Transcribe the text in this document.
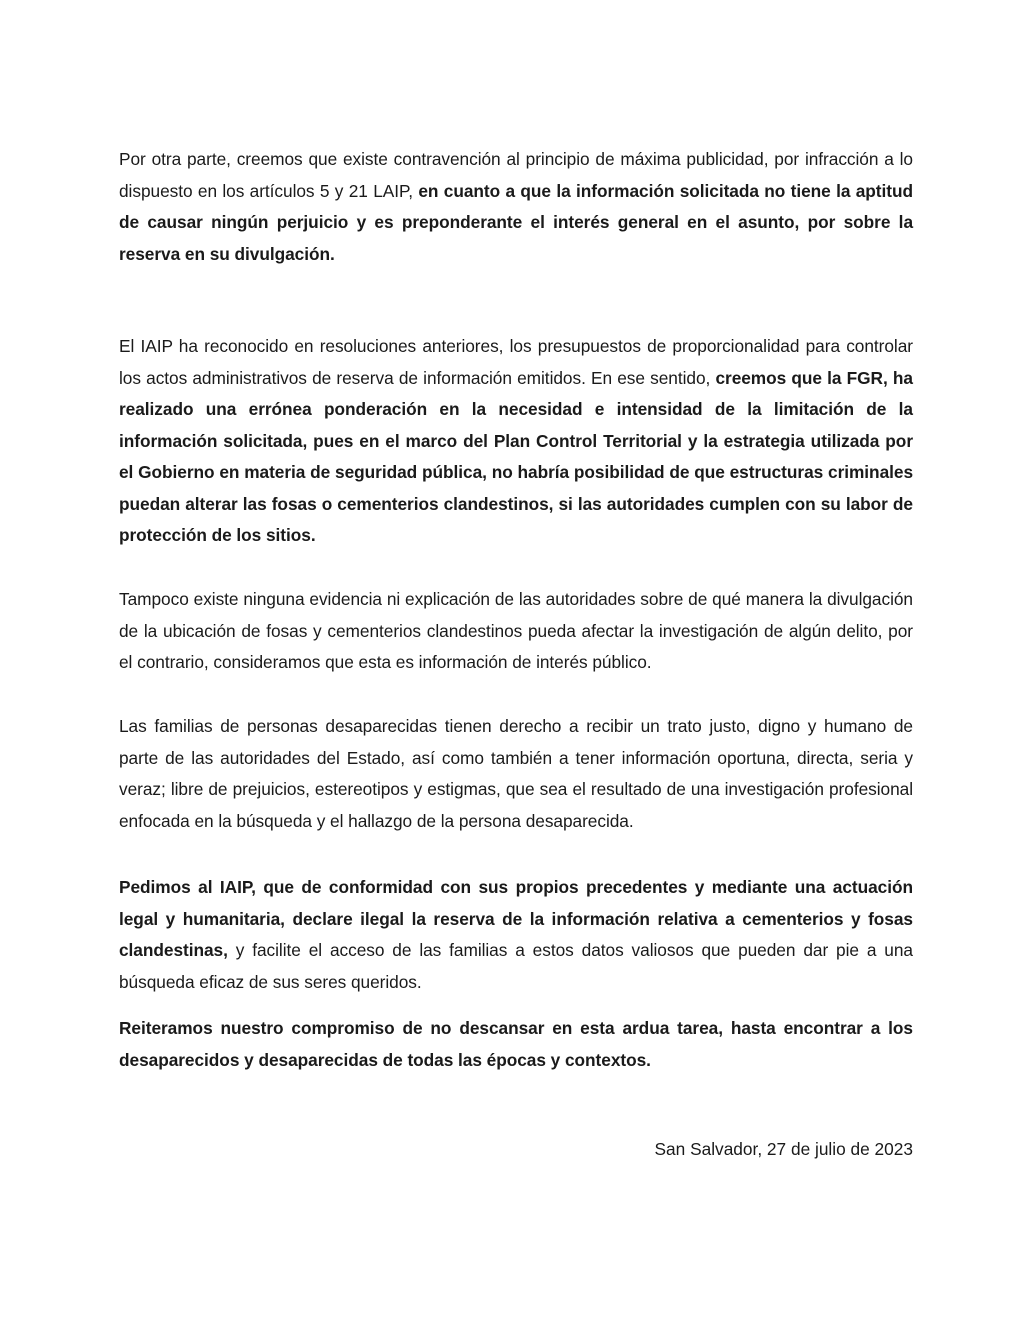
Por otra parte, creemos que existe contravención al principio de máxima publicidad, por infracción a lo dispuesto en los artículos 5 y 21 LAIP, en cuanto a que la información solicitada no tiene la aptitud de causar ningún perjuicio y es preponderante el interés general en el asunto, por sobre la reserva en su divulgación.

El IAIP ha reconocido en resoluciones anteriores, los presupuestos de proporcionalidad para controlar los actos administrativos de reserva de información emitidos. En ese sentido, creemos que la FGR, ha realizado una errónea ponderación en la necesidad e intensidad de la limitación de la información solicitada, pues en el marco del Plan Control Territorial y la estrategia utilizada por el Gobierno en materia de seguridad pública, no habría posibilidad de que estructuras criminales puedan alterar las fosas o cementerios clandestinos, si las autoridades cumplen con su labor de protección de los sitios.

Tampoco existe ninguna evidencia ni explicación de las autoridades sobre de qué manera la divulgación de la ubicación de fosas y cementerios clandestinos pueda afectar la investigación de algún delito, por el contrario, consideramos que esta es información de interés público.

Las familias de personas desaparecidas tienen derecho a recibir un trato justo, digno y humano de parte de las autoridades del Estado, así como también a tener información oportuna, directa, seria y veraz; libre de prejuicios, estereotipos y estigmas, que sea el resultado de una investigación profesional enfocada en la búsqueda y el hallazgo de la persona desaparecida.

Pedimos al IAIP, que de conformidad con sus propios precedentes y mediante una actuación legal y humanitaria, declare ilegal la reserva de la información relativa a cementerios y fosas clandestinas, y facilite el acceso de las familias a estos datos valiosos que pueden dar pie a una búsqueda eficaz de sus seres queridos.

Reiteramos nuestro compromiso de no descansar en esta ardua tarea, hasta encontrar a los desaparecidos y desaparecidas de todas las épocas y contextos.

San Salvador, 27 de julio de 2023
